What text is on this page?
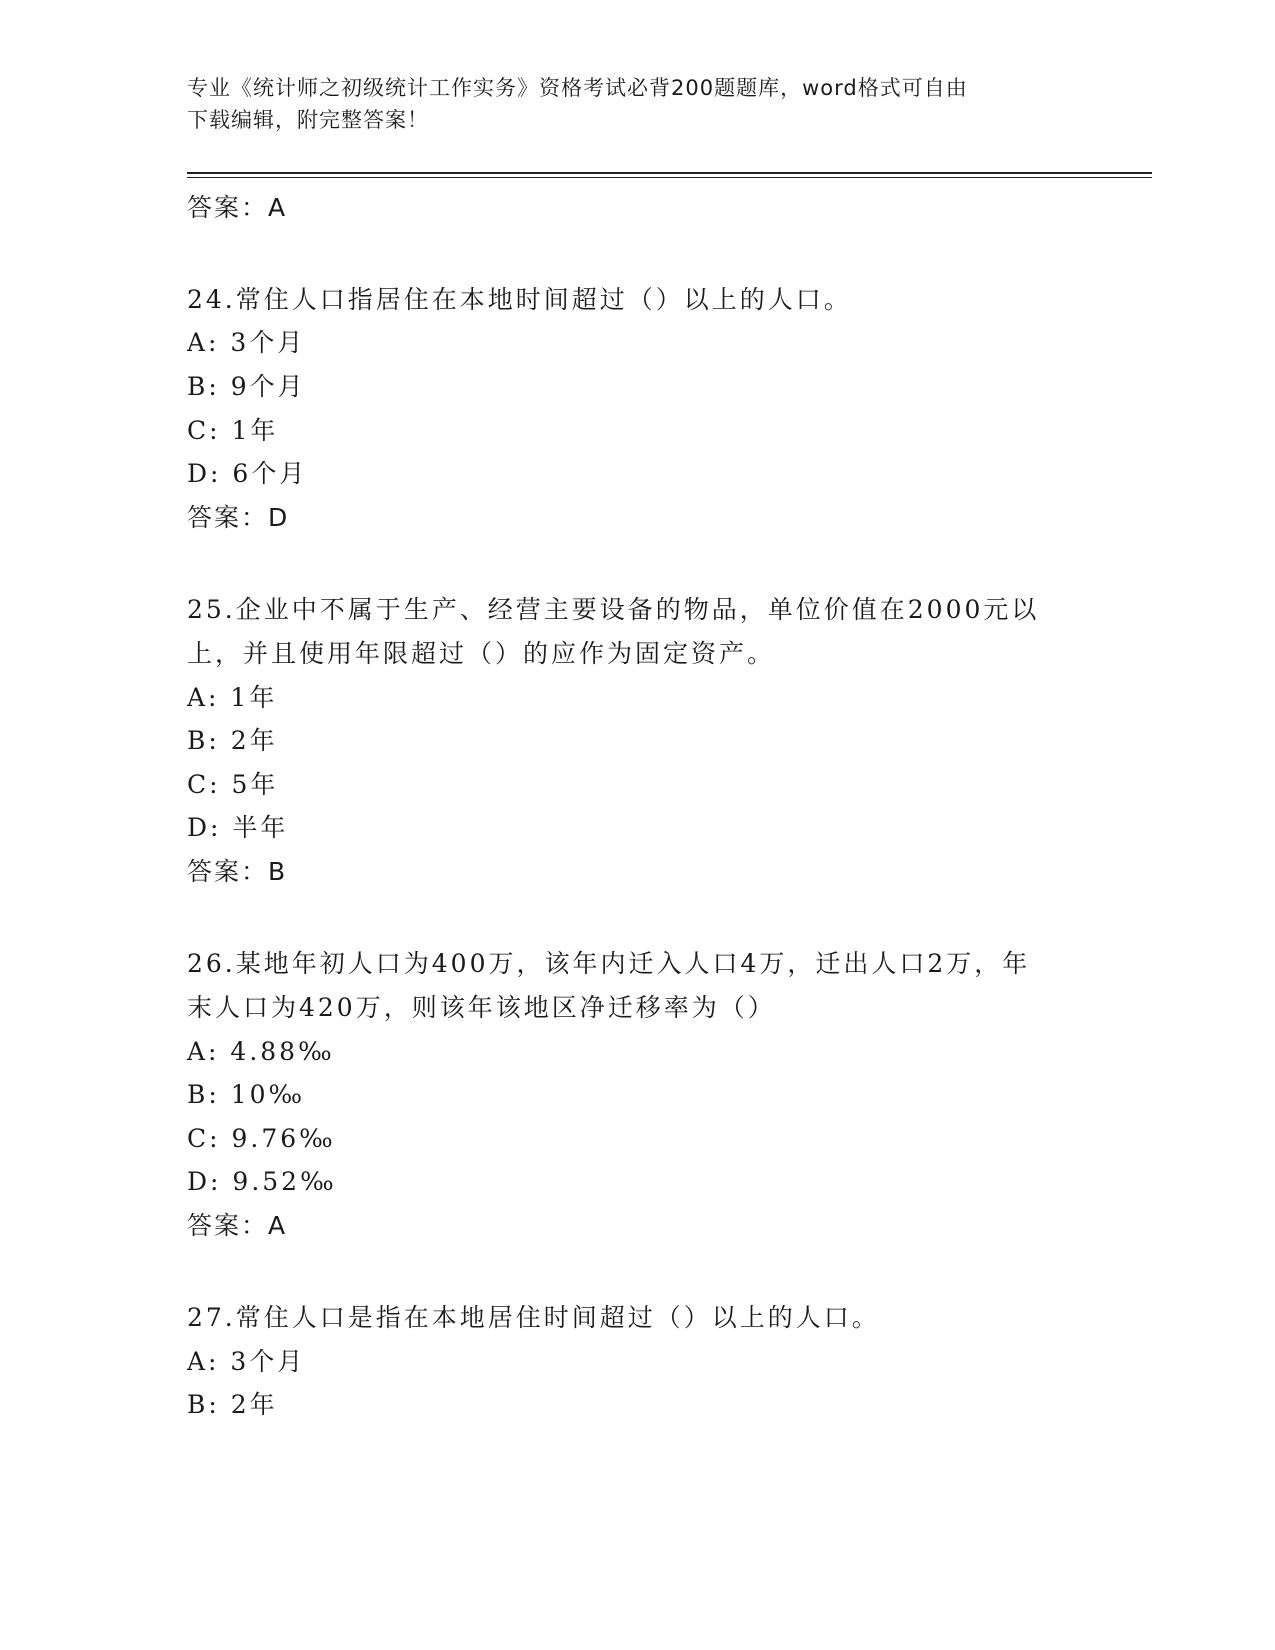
专业《统计师之初级统计工作实务》资格考试必背200题题库，word格式可自由
下载编辑，附完整答案！
答案：A
24.常住人口指居住在本地时间超过（）以上的人口。
A: 3个月
B: 9个月
C: 1年
D: 6个月
答案：D
25.企业中不属于生产、经营主要设备的物品，单位价值在2000元以
上，并且使用年限超过（）的应作为固定资产。
A: 1年
B: 2年
C: 5年
D: 半年
答案：B
26.某地年初人口为400万，该年内迁入人口4万，迁出人口2万，年
末人口为420万，则该年该地区净迁移率为（）
A: 4.88‰
B: 10‰
C: 9.76‰
D: 9.52‰
答案：A
27.常住人口是指在本地居住时间超过（）以上的人口。
A: 3个月
B: 2年
